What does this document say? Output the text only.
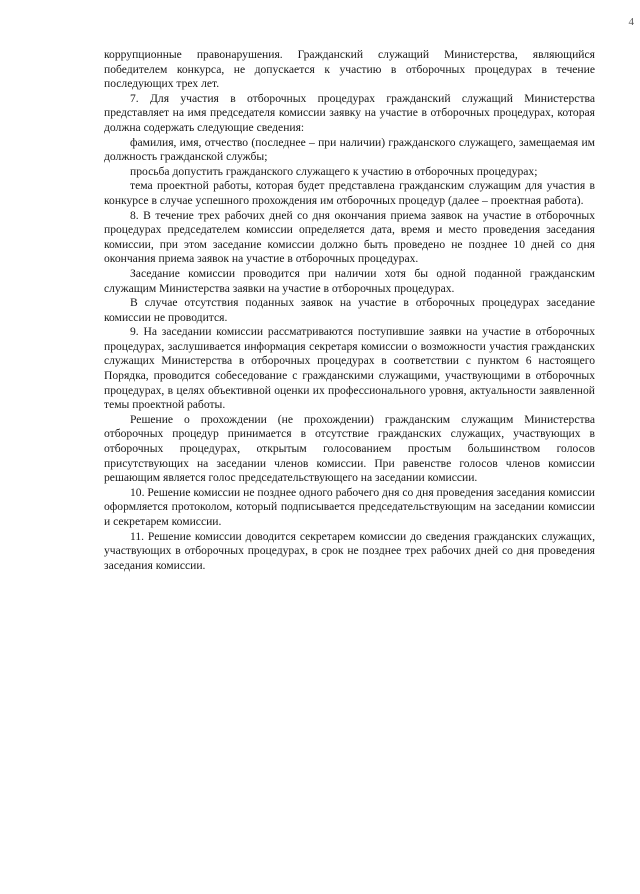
4

коррупционные правонарушения. Гражданский служащий Министерства, являющийся победителем конкурса, не допускается к участию в отборочных процедурах в течение последующих трех лет.

7. Для участия в отборочных процедурах гражданский служащий Министерства представляет на имя председателя комиссии заявку на участие в отборочных процедурах, которая должна содержать следующие сведения:

фамилия, имя, отчество (последнее – при наличии) гражданского служащего, замещаемая им должность гражданской службы;

просьба допустить гражданского служащего к участию в отборочных процедурах;

тема проектной работы, которая будет представлена гражданским служащим для участия в конкурсе в случае успешного прохождения им отборочных процедур (далее – проектная работа).

8. В течение трех рабочих дней со дня окончания приема заявок на участие в отборочных процедурах председателем комиссии определяется дата, время и место проведения заседания комиссии, при этом заседание комиссии должно быть проведено не позднее 10 дней со дня окончания приема заявок на участие в отборочных процедурах.

Заседание комиссии проводится при наличии хотя бы одной поданной гражданским служащим Министерства заявки на участие в отборочных процедурах.

В случае отсутствия поданных заявок на участие в отборочных процедурах заседание комиссии не проводится.

9. На заседании комиссии рассматриваются поступившие заявки на участие в отборочных процедурах, заслушивается информация секретаря комиссии о возможности участия гражданских служащих Министерства в отборочных процедурах в соответствии с пунктом 6 настоящего Порядка, проводится собеседование с гражданскими служащими, участвующими в отборочных процедурах, в целях объективной оценки их профессионального уровня, актуальности заявленной темы проектной работы.

Решение о прохождении (не прохождении) гражданским служащим Министерства отборочных процедур принимается в отсутствие гражданских служащих, участвующих в отборочных процедурах, открытым голосованием простым большинством голосов присутствующих на заседании членов комиссии. При равенстве голосов членов комиссии решающим является голос председательствующего на заседании комиссии.

10. Решение комиссии не позднее одного рабочего дня со дня проведения заседания комиссии оформляется протоколом, который подписывается председательствующим на заседании комиссии и секретарем комиссии.

11. Решение комиссии доводится секретарем комиссии до сведения гражданских служащих, участвующих в отборочных процедурах, в срок не позднее трех рабочих дней со дня проведения заседания комиссии.
